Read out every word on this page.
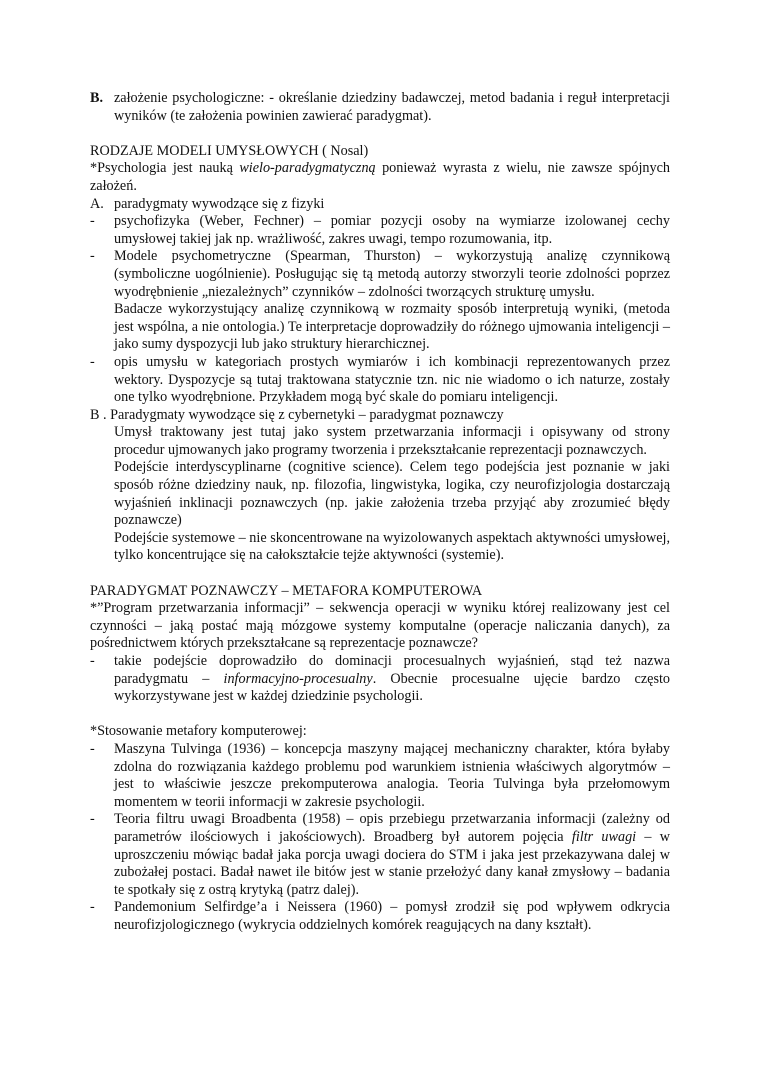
B. założenie psychologiczne: - określanie dziedziny badawczej, metod badania i reguł interpretacji wyników (te założenia powinien zawierać paradygmat).

RODZAJE MODELI UMYSŁOWYCH ( Nosal)

*Psychologia jest nauką wielo-paradygmatyczną ponieważ wyrasta z wielu, nie zawsze spójnych założeń.

A. paradygmaty wywodzące się z fizyki
- psychofizyka (Weber, Fechner) – pomiar pozycji osoby na wymiarze izolowanej cechy umysłowej takiej jak np. wrażliwość, zakres uwagi, tempo rozumowania, itp.
- Modele psychometryczne (Spearman, Thurston) – wykorzystują analizę czynnikową (symboliczne uogólnienie). Posługując się tą metodą autorzy stworzyli teorie zdolności poprzez wyodrębnienie „niezależnych” czynników – zdolności tworzących strukturę umysłu.

Badacze wykorzystujący analizę czynnikową w rozmaity sposób interpretują wyniki, (metoda jest wspólna, a nie ontologia.) Te interpretacje doprowadziły do różnego ujmowania inteligencji – jako sumy dyspozycji lub jako struktury hierarchicznej.

- opis umysłu w kategoriach prostych wymiarów i ich kombinacji reprezentowanych przez wektory. Dyspozycje są tutaj traktowana statycznie tzn. nic nie wiadomo o ich naturze, zostały one tylko wyodrębnione. Przykładem mogą być skale do pomiaru inteligencji.

B . Paradygmaty wywodzące się z cybernetyki – paradygmat poznawczy

Umysł traktowany jest tutaj jako system przetwarzania informacji i opisywany od strony procedur ujmowanych jako programy tworzenia i przekształcanie reprezentacji poznawczych.

Podejście interdyscyplinarne (cognitive science). Celem tego podejścia jest poznanie w jaki sposób różne dziedziny nauk, np. filozofia, lingwistyka, logika, czy neurofizjologia dostarczają wyjaśnień inklinacji poznawczych (np. jakie założenia trzeba przyjąć aby zrozumieć błędy poznawcze)

Podejście systemowe – nie skoncentrowane na wyizolowanych aspektach aktywności umysłowej, tylko koncentrujące się na całokształcie tejże aktywności (systemie).

PARADYGMAT POZNAWCZY – METAFORA KOMPUTEROWA

*”Program przetwarzania informacji” – sekwencja operacji w wyniku której realizowany jest cel czynności – jaką postać mają mózgowe systemy komputalne (operacje naliczania danych), za pośrednictwem których przekształcane są reprezentacje poznawcze?

- takie podejście doprowadziło do dominacji procesualnych wyjaśnień, stąd też nazwa paradygmatu – informacyjno-procesualny. Obecnie procesualne ujęcie bardzo często wykorzystywane jest w każdej dziedzinie psychologii.

*Stosowanie metafory komputerowej:

- Maszyna Tulvinga (1936) – koncepcja maszyny mającej mechaniczny charakter, która byłaby zdolna do rozwiązania każdego problemu pod warunkiem istnienia właściwych algorytmów – jest to właściwie jeszcze prekomputerowa analogia. Teoria Tulvinga była przełomowym momentem w teorii informacji w zakresie psychologii.
- Teoria filtru uwagi Broadbenta (1958) – opis przebiegu przetwarzania informacji (zależny od parametrów ilościowych i jakościowych). Broadberg był autorem pojęcia filtr uwagi – w uproszczeniu mówiąc badał jaka porcja uwagi dociera do STM i jaka jest przekazywana dalej w zubożałej postaci. Badał nawet ile bitów jest w stanie przełożyć dany kanał zmysłowy – badania te spotkały się z ostrą krytyką (patrz dalej).
- Pandemonium Selfirdge’a i Neissera (1960) – pomysł zrodził się pod wpływem odkrycia neurofizjologicznego (wykrycia oddzielnych komórek reagujących na dany kształt).
